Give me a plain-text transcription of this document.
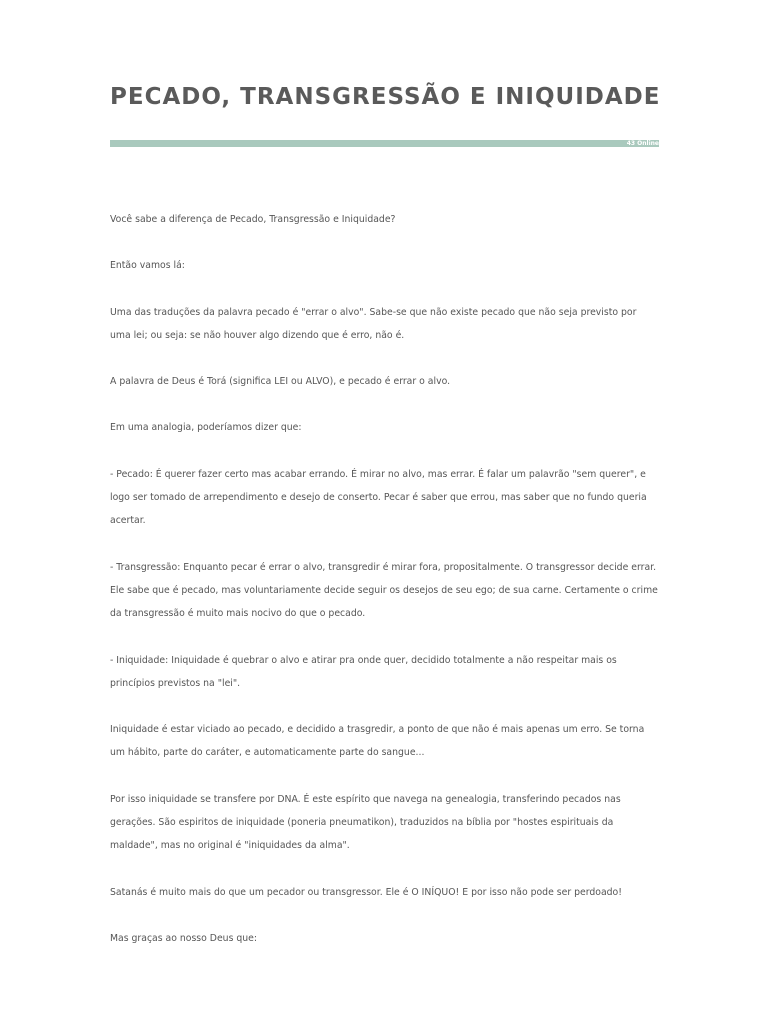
PECADO, TRANSGRESSÃO E INIQUIDADE
43 Online

Você sabe a diferença de Pecado, Transgressão e Iniquidade?

Então vamos lá:

Uma das traduções da palavra pecado é "errar o alvo". Sabe-se que não existe pecado que não seja previsto por uma lei; ou seja: se não houver algo dizendo que é erro, não é.

A palavra de Deus é Torá (significa LEI ou ALVO), e pecado é errar o alvo.

Em uma analogia, poderíamos dizer que:

- Pecado: É querer fazer certo mas acabar errando. É mirar no alvo, mas errar. É falar um palavrão "sem querer", e logo ser tomado de arrependimento e desejo de conserto. Pecar é saber que errou, mas saber que no fundo queria acertar.

- Transgressão: Enquanto pecar é errar o alvo, transgredir é mirar fora, propositalmente. O transgressor decide errar. Ele sabe que é pecado, mas voluntariamente decide seguir os desejos de seu ego; de sua carne. Certamente o crime da transgressão é muito mais nocivo do que o pecado.

- Iniquidade: Iniquidade é quebrar o alvo e atirar pra onde quer, decidido totalmente a não respeitar mais os princípios previstos na "lei".

Iniquidade é estar viciado ao pecado, e decidido a trasgredir, a ponto de que não é mais apenas um erro. Se torna um hábito, parte do caráter, e automaticamente parte do sangue...

Por isso iniquidade se transfere por DNA. É este espírito que navega na genealogia, transferindo pecados nas gerações. São espiritos de iniquidade (poneria pneumatikon), traduzidos na bíblia por "hostes espirituais da maldade", mas no original é "iniquidades da alma".

Satanás é muito mais do que um pecador ou transgressor. Ele é O INÍQUO! E por isso não pode ser perdoado!

Mas graças ao nosso Deus que:
